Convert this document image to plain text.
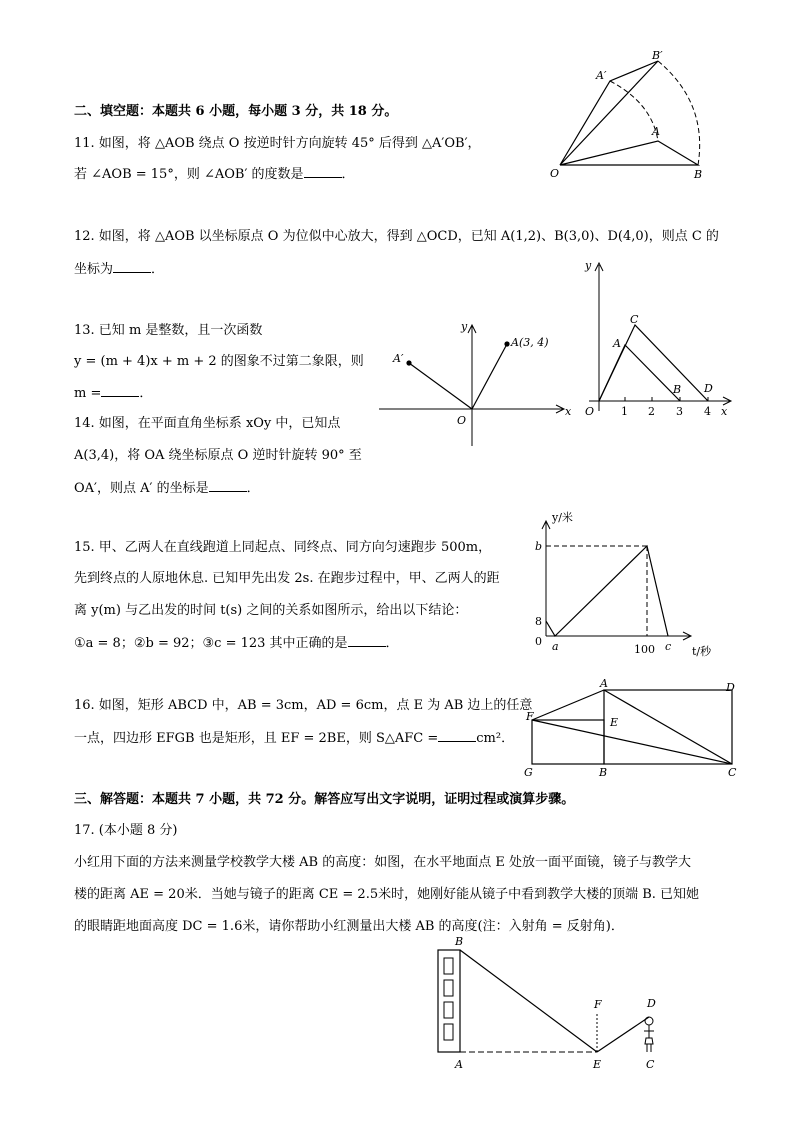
二、填空题：本题共 6 小题，每小题 3 分，共 18 分。
11. 如图，将 △AOB 绕点 O 按逆时针方向旋转 45° 后得到 △A′OB′，
若 ∠AOB = 15°，则 ∠AOB′ 的度数是	．
A′
B′
A
O	B
12. 如图，将 △AOB 以坐标原点 O 为位似中心放大，得到 △OCD，已知 A(1,2)、B(3,0)、D(4,0)，则点 C 的
坐标为	．	y
x
O
A
C
B D
1 2 3 4
13. 已知 m 是整数，且一次函数
y = (m + 4)x + m + 2 的图象不过第二象限，则
m =	．
14. 如图，在平面直角坐标系 xOy 中，已知点
A(3,4)，将 OA 绕坐标原点 O 逆时针旋转 90° 至
OA′，则点 A′ 的坐标是	．
y
x
O
A(3, 4)
A′
15. 甲、乙两人在直线跑道上同起点、同终点、同方向匀速跑步 500m，
先到终点的人原地休息. 已知甲先出发 2s. 在跑步过程中，甲、乙两人的距
离 y(m) 与乙出发的时间 t(s) 之间的关系如图所示，给出以下结论：
①a = 8；②b = 92；③c = 123 其中正确的是	．
y/米
t/秒
b
8
0 a	100 c
16. 如图，矩形 ABCD 中，AB = 3cm，AD = 6cm，点 E 为 AB 边上的任意
一点，四边形 EFGB 也是矩形，且 EF = 2BE，则 S△AFC =	cm²．
A	D
F	E
G	B	C
三、解答题：本题共 7 小题，共 72 分。解答应写出文字说明，证明过程或演算步骤。
17. (本小题 8 分)
小红用下面的方法来测量学校教学大楼 AB 的高度：如图，在水平地面点 E 处放一面平面镜，镜子与教学大
楼的距离 AE = 20米．当她与镜子的距离 CE = 2.5米时，她刚好能从镜子中看到教学大楼的顶端 B. 已知她
的眼睛距地面高度 DC = 1.6米，请你帮助小红测量出大楼 AB 的高度(注：入射角 = 反射角)．
B
F	D
A	E	C
